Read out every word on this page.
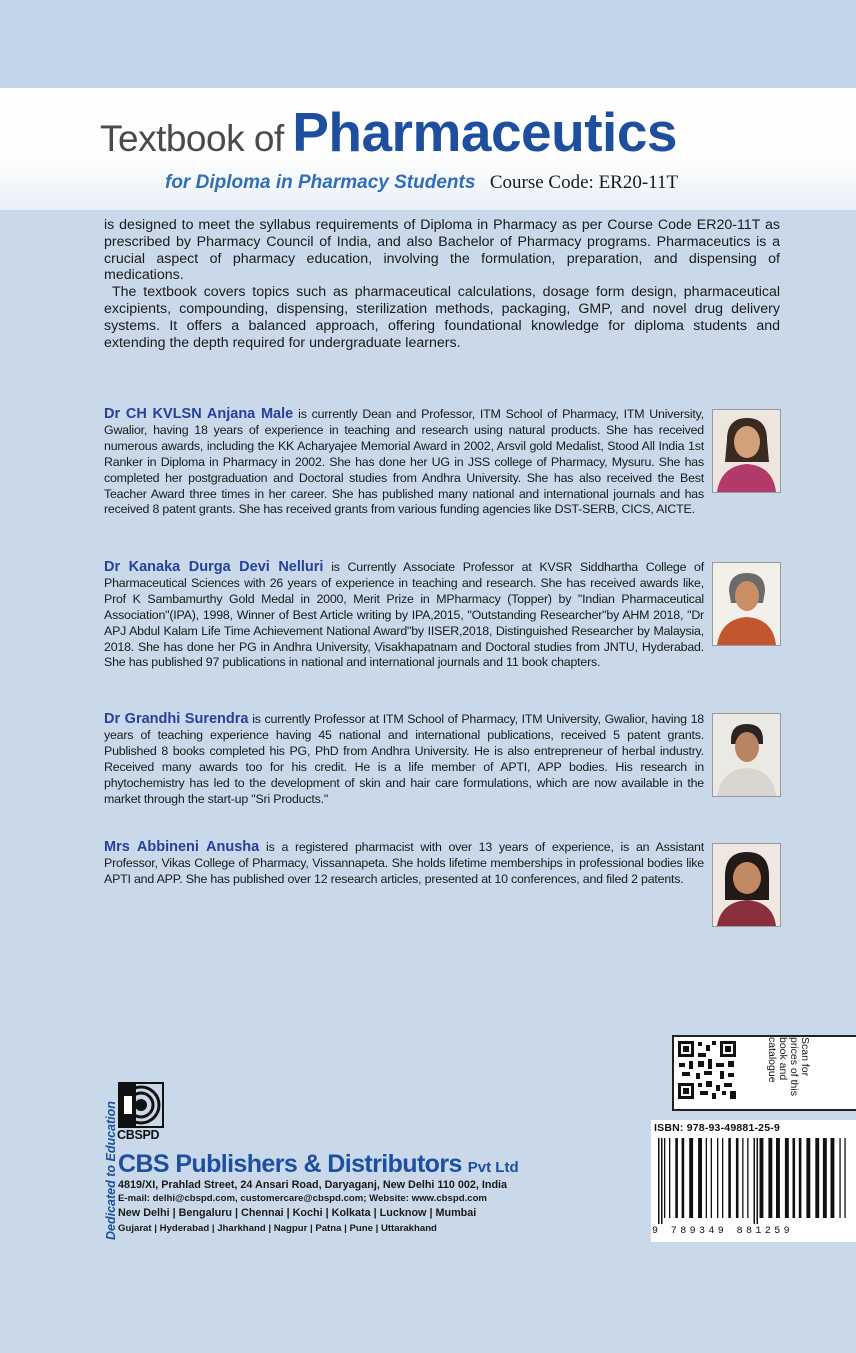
Textbook of Pharmaceutics
for Diploma in Pharmacy Students Course Code: ER20-11T

is designed to meet the syllabus requirements of Diploma in Pharmacy as per Course Code ER20-11T as prescribed by Pharmacy Council of India, and also Bachelor of Pharmacy programs. Pharmaceutics is a crucial aspect of pharmacy education, involving the formulation, preparation, and dispensing of medications.

The textbook covers topics such as pharmaceutical calculations, dosage form design, pharmaceutical excipients, compounding, dispensing, sterilization methods, packaging, GMP, and novel drug delivery systems. It offers a balanced approach, offering foundational knowledge for diploma students and extending the depth required for undergraduate learners.

Dr CH KVLSN Anjana Male is currently Dean and Professor, ITM School of Pharmacy, ITM University, Gwalior, having 18 years of experience in teaching and research using natural products. She has received numerous awards, including the KK Acharyajee Memorial Award in 2002, Arsvil gold Medalist, Stood All India 1st Ranker in Diploma in Pharmacy in 2002. She has done her UG in JSS college of Pharmacy, Mysuru. She has completed her postgraduation and Doctoral studies from Andhra University. She has also received the Best Teacher Award three times in her career. She has published many national and international journals and has received 8 patent grants. She has received grants from various funding agencies like DST-SERB, CICS, AICTE.
Dr Kanaka Durga Devi Nelluri is Currently Associate Professor at KVSR Siddhartha College of Pharmaceutical Sciences with 26 years of experience in teaching and research. She has received awards like, Prof K Sambamurthy Gold Medal in 2000, Merit Prize in MPharmacy (Topper) by "Indian Pharmaceutical Association"(IPA), 1998, Winner of Best Article writing by IPA,2015, "Outstanding Researcher"by AHM 2018, "Dr APJ Abdul Kalam Life Time Achievement National Award"by IISER,2018, Distinguished Researcher by Malaysia, 2018. She has done her PG in Andhra University, Visakhapatnam and Doctoral studies from JNTU, Hyderabad. She has published 97 publications in national and international journals and 11 book chapters.
Dr Grandhi Surendra is currently Professor at ITM School of Pharmacy, ITM University, Gwalior, having 18 years of teaching experience having 45 national and international publications, received 5 patent grants. Published 8 books completed his PG, PhD from Andhra University. He is also entrepreneur of herbal industry. Received many awards too for his credit. He is a life member of APTI, APP bodies. His research in phytochemistry has led to the development of skin and hair care formulations, which are now available in the market through the start-up "Sri Products."
Mrs Abbineni Anusha is a registered pharmacist with over 13 years of experience, is an Assistant Professor, Vikas College of Pharmacy, Vissannapeta. She holds lifetime memberships in professional bodies like APTI and APP. She has published over 12 research articles, presented at 10 conferences, and filed 2 patents.
Scan for prices of this book and catalogue
ISBN: 978-93-49881-25-9
9 789349 881259
Dedicated to Education CBSPD
CBS Publishers & Distributors Pvt Ltd
4819/XI, Prahlad Street, 24 Ansari Road, Daryaganj, New Delhi 110 002, India
E-mail: delhi@cbspd.com, customercare@cbspd.com; Website: www.cbspd.com
New Delhi | Bengaluru | Chennai | Kochi | Kolkata | Lucknow | Mumbai
Gujarat | Hyderabad | Jharkhand | Nagpur | Patna | Pune | Uttarakhand
